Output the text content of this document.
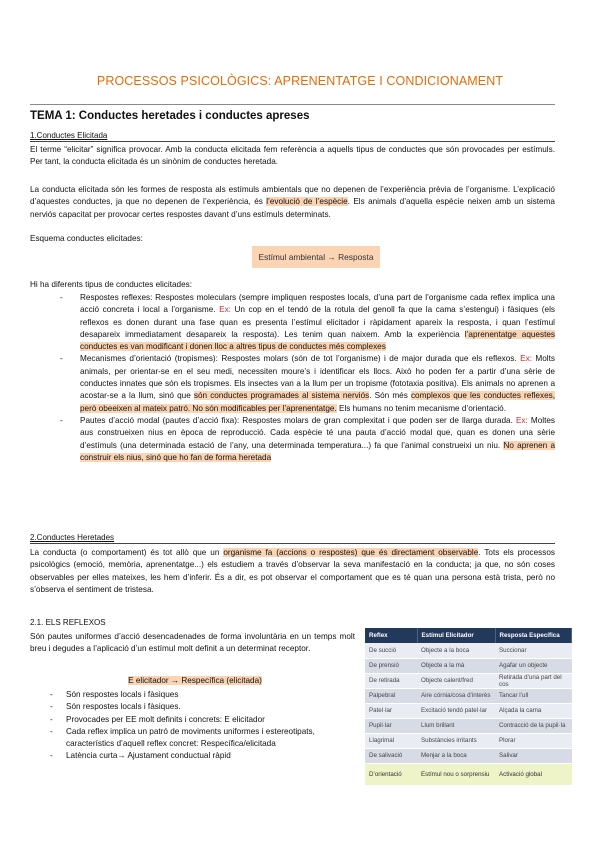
PROCESSOS PSICOLÒGICS: APRENENTATGE I CONDICIONAMENT
TEMA 1: Conductes heretades i conductes apreses
1.Conductes Elicitada
El terme “elicitar” significa provocar. Amb la conducta elicitada fem referència a aquells tipus de conductes que són provocades per estímuls. Per tant, la conducta elicitada és un sinònim de conductes heretada.
La conducta elicitada són les formes de resposta als estímuls ambientals que no depenen de l’experiència prèvia de l’organisme. L’explicació d’aquestes conductes, ja que no depenen de l’experiència, és l’evolució de l’espècie. Els animals d’aquella espècie neixen amb un sistema nerviós capacitat per provocar certes respostes davant d’uns estímuls determinats.
Esquema conductes elicitades:
Estímul ambiental → Resposta
Hi ha diferents tipus de conductes elicitades:
- Respostes reflexes: Respostes moleculars (sempre impliquen respostes locals, d’una part de l’organisme cada reflex implica una acció concreta i local a l’organisme. Ex: Un cop en el tendó de la rotula del genoll fa que la cama s’estengui) i fàsiques (els reflexos es donen durant una fase quan es presenta l’estímul elicitador i ràpidament apareix la resposta, i quan l’estímul desapareix immediatament desapareix la resposta). Les tenim quan naixem. Amb la experiència l’aprenentatge aquestes conductes es van modificant i donen lloc a altres tipus de conductes més complexes
- Mecanismes d’orientació (tropismes): Respostes molars (són de tot l’organisme) i de major durada que els reflexos. Ex: Molts animals, per orientar-se en el seu medi, necessiten moure’s i identificar els llocs. Això ho poden fer a partir d’una sèrie de conductes innates que són els tropismes. Els insectes van a la llum per un tropisme (fototaxia positiva). Els animals no aprenen a acostar-se a la llum, sinó que són conductes programades al sistema nerviós. Són més complexos que les conductes reflexes, però obeeixen al mateix patró. No són modificables per l’aprenentatge. Els humans no tenim mecanisme d’orientació.
- Pautes d’acció modal (pautes d’acció fixa): Respostes molars de gran complexitat i que poden ser de llarga durada. Ex: Moltes aus construeixen nius en època de reproducció. Cada espècie té una pauta d’acció modal que, quan es donen una sèrie d’estímuls (una determinada estació de l’any, una determinada temperatura...) fa que l’animal construeixi un niu. No aprenen a construir els nius, sinó que ho fan de forma heretada
2.Conductes Heretades
La conducta (o comportament) és tot allò que un organisme fa (accions o respostes) que és directament observable. Tots els processos psicològics (emoció, memòria, aprenentatge...) els estudiem a través d’observar la seva manifestació en la conducta; ja que, no són coses observables per elles mateixes, les hem d’inferir. És a dir, es pot observar el comportament que es té quan una persona està trista, però no s’observa el sentiment de tristesa.
2.1. ELS REFLEXOS
Són pautes uniformes d’acció desencadenades de forma involuntària en un temps molt breu i degudes a l’aplicació d’un estímul molt definit a un determinat receptor.
E elicitador → Respecífica (elicitada)
- Són respostes locals i fàsiques
- Són respostes locals i fàsiques.
- Provocades per EE molt definits i concrets: E elicitador
- Cada reflex implica un patró de moviments uniformes i estereotipats, característics d’aquell reflex concret: Respecífica/elicitada
- Latència curta→ Ajustament conductual ràpid
Reflex	Estímul Elicitador	Resposta Específica
De succió	Objecte a la boca	Succionar
De prensió	Objecte a la mà	Agafar un objecte
De retirada	Objecte calent/fred	Retirada d’una part del cos
Palpebral	Aire córnia/cosa d’interès	Tancar l’ull
Patel·lar	Excitació tendó patel·lar	Alçada la cama
Pupil·lar	Llum brillant	Contracció de la pupil·la
Llagrimal	Substàncies irritants	Plorar
De salivació	Menjar a la boca	Salivar
D’orientació	Estímul nou o sorprensiu	Activació global
